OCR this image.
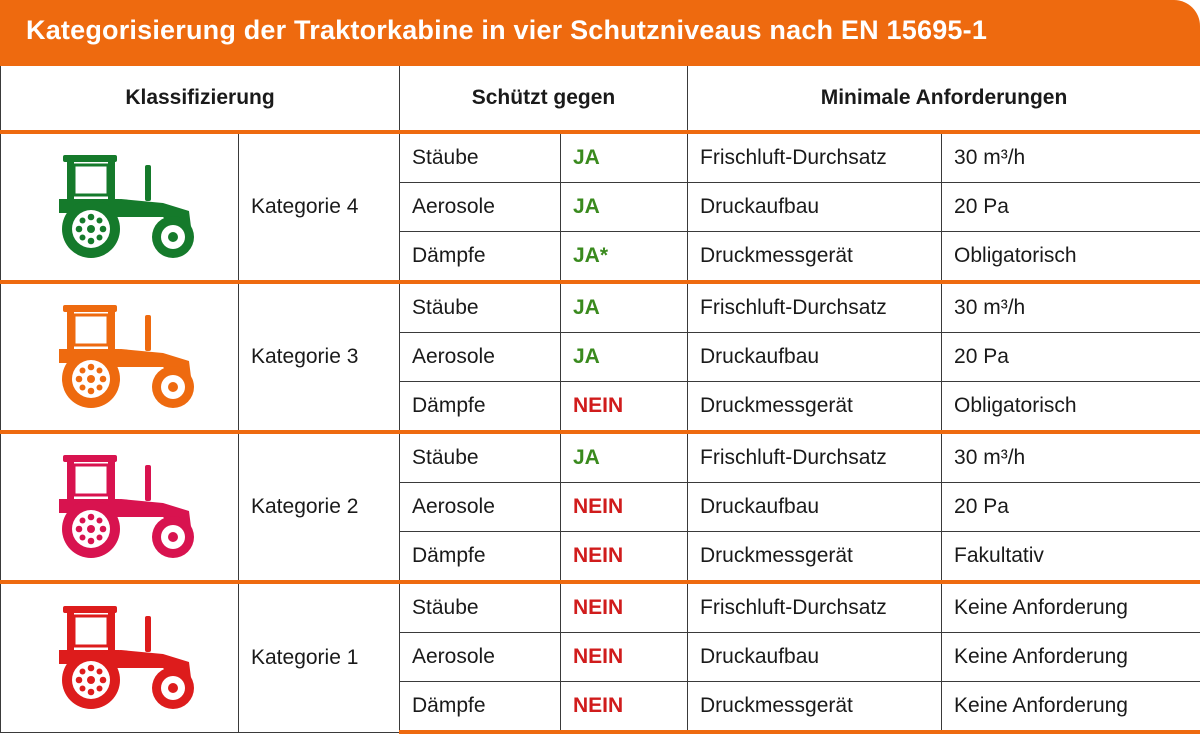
Kategorisierung der Traktorkabine in vier Schutzniveaus nach EN 15695-1
Klassifizierung		Schützt gegen		Minimale Anforderungen	

	Kategorie 4	Stäube	JA	Frischluft-Durchsatz	30 m³/h
		Aerosole	JA	Druckaufbau	20 Pa
		Dämpfe	JA*	Druckmessgerät	Obligatorisch

	Kategorie 3	Stäube	JA	Frischluft-Durchsatz	30 m³/h
		Aerosole	JA	Druckaufbau	20 Pa
		Dämpfe	NEIN	Druckmessgerät	Obligatorisch

	Kategorie 2	Stäube	JA	Frischluft-Durchsatz	30 m³/h
		Aerosole	NEIN	Druckaufbau	20 Pa
		Dämpfe	NEIN	Druckmessgerät	Fakultativ

	Kategorie 1	Stäube	NEIN	Frischluft-Durchsatz	Keine Anforderung
		Aerosole	NEIN	Druckaufbau	Keine Anforderung
		Dämpfe	NEIN	Druckmessgerät	Keine Anforderung
